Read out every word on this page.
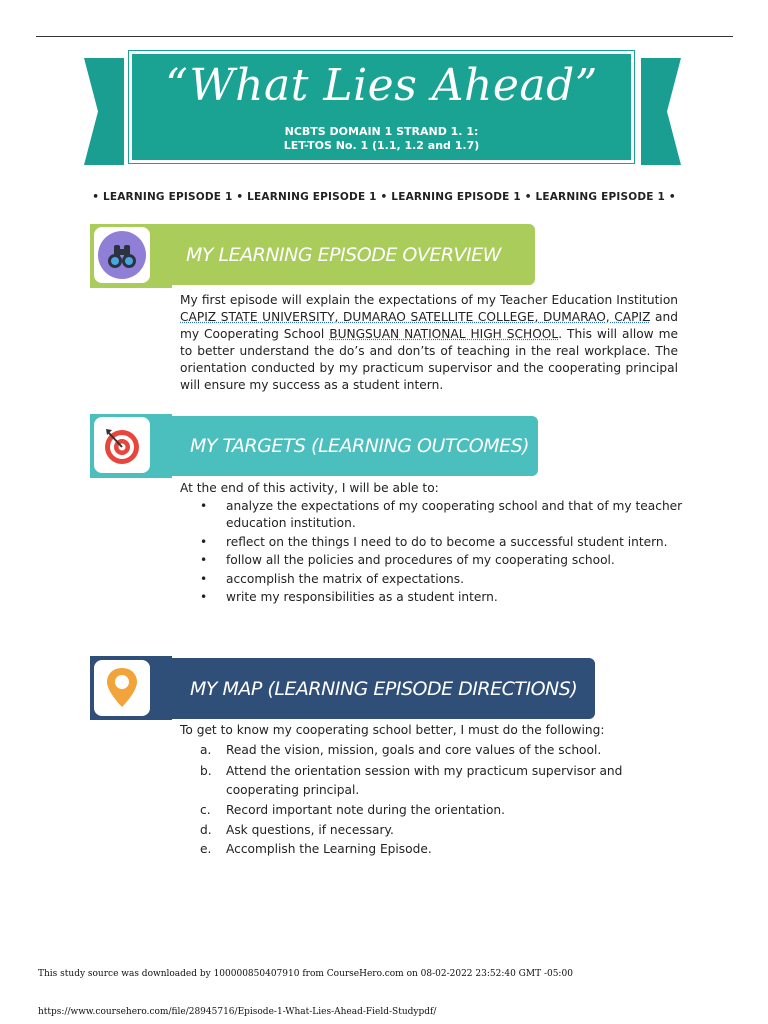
“What Lies Ahead”
NCBTS DOMAIN 1 STRAND 1. 1:
LET-TOS No. 1 (1.1, 1.2 and 1.7)
• LEARNING EPISODE 1 • LEARNING EPISODE 1 • LEARNING EPISODE 1 • LEARNING EPISODE 1 •
MY LEARNING EPISODE OVERVIEW
My first episode will explain the expectations of my Teacher Education Institution CAPIZ STATE UNIVERSITY, DUMARAO SATELLITE COLLEGE, DUMARAO, CAPIZ and my Cooperating School BUNGSUAN NATIONAL HIGH SCHOOL. This will allow me to better understand the do’s and don’ts of teaching in the real workplace. The orientation conducted by my practicum supervisor and the cooperating principal will ensure my success as a student intern.
MY TARGETS (LEARNING OUTCOMES)
At the end of this activity, I will be able to:
• analyze the expectations of my cooperating school and that of my teacher education institution.
• reflect on the things I need to do to become a successful student intern.
• follow all the policies and procedures of my cooperating school.
• accomplish the matrix of expectations.
• write my responsibilities as a student intern.
MY MAP (LEARNING EPISODE DIRECTIONS)
To get to know my cooperating school better, I must do the following:
a. Read the vision, mission, goals and core values of the school.
b. Attend the orientation session with my practicum supervisor and cooperating principal.
c. Record important note during the orientation.
d. Ask questions, if necessary.
e. Accomplish the Learning Episode.
This study source was downloaded by 100000850407910 from CourseHero.com on 08-02-2022 23:52:40 GMT -05:00
https://www.coursehero.com/file/28945716/Episode-1-What-Lies-Ahead-Field-Studypdf/
